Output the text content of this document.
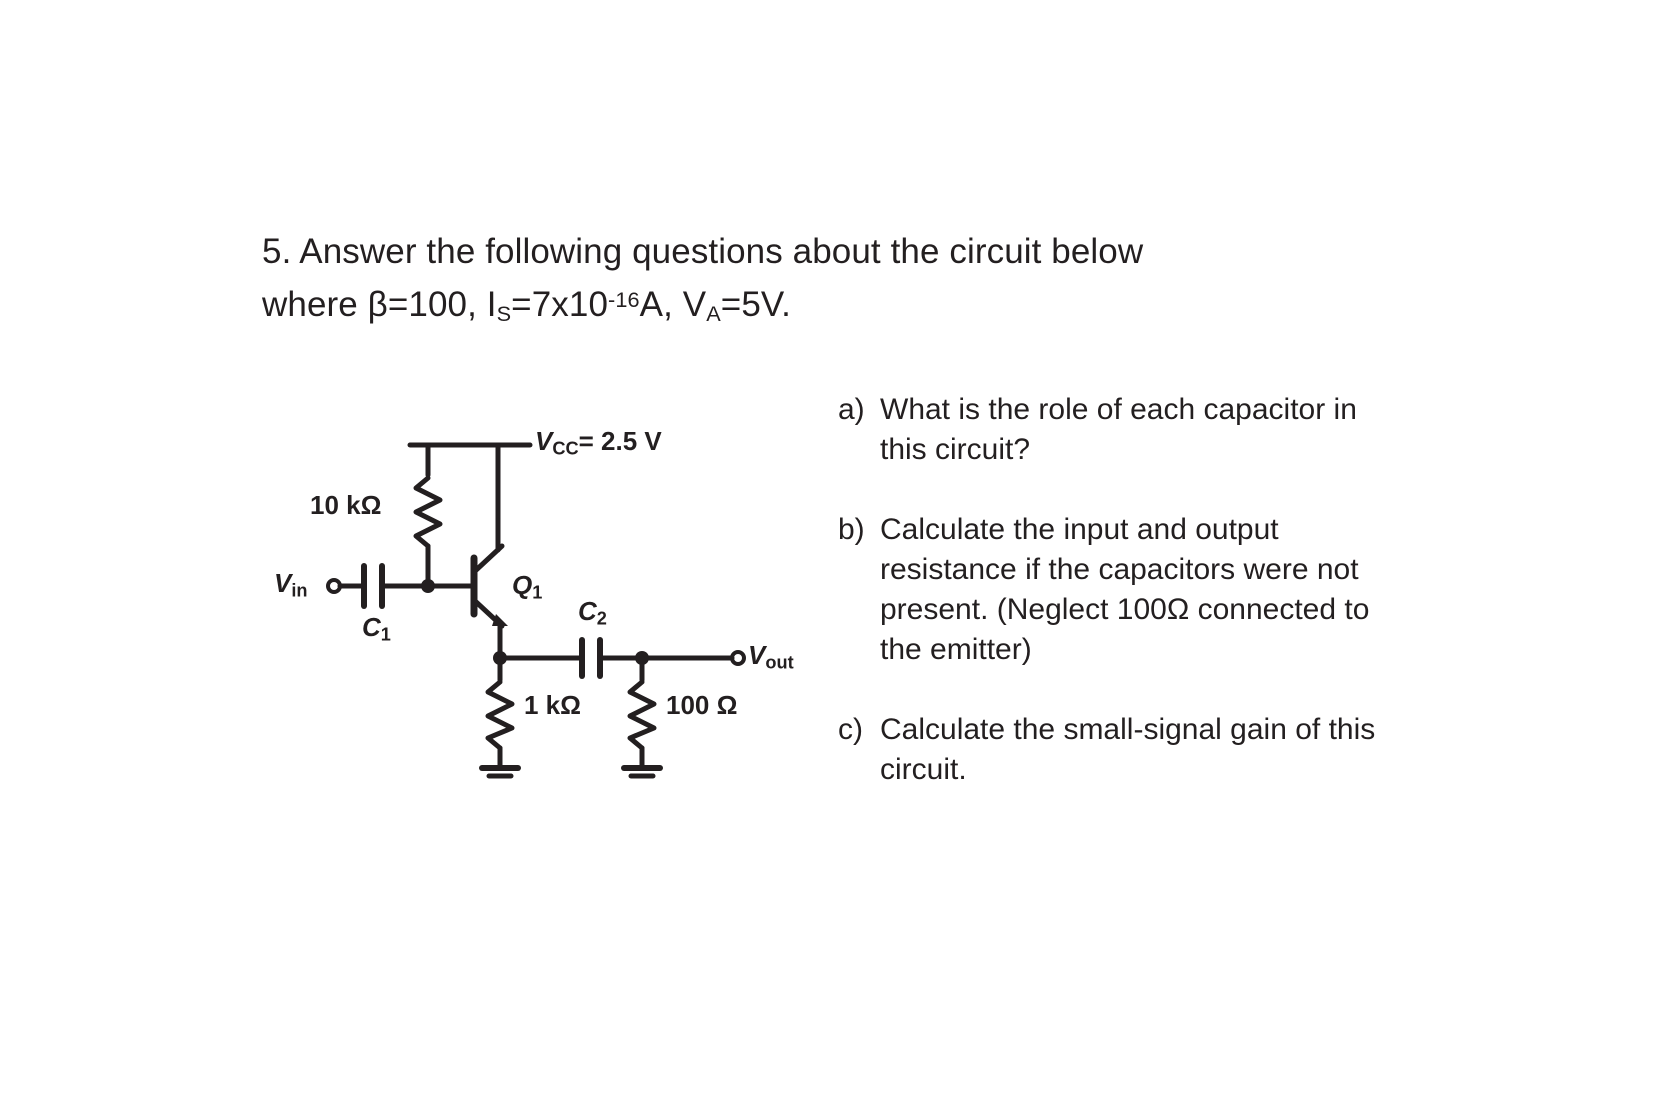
5. Answer the following questions about the circuit below
where β=100, $I_S=7x10^{-16}A$, $V_A=5V$.
a) What is the role of each capacitor in this circuit?
b) Calculate the input and output resistance if the capacitors were not present. (Neglect 100Ω connected to the emitter)
c) Calculate the small-signal gain of this circuit.
$V_{CC}= 2.5$ V
10 kΩ
$V_{in}$
$C_1$
$Q_1$
$C_2$
$V_{out}$
1 kΩ	100 Ω
